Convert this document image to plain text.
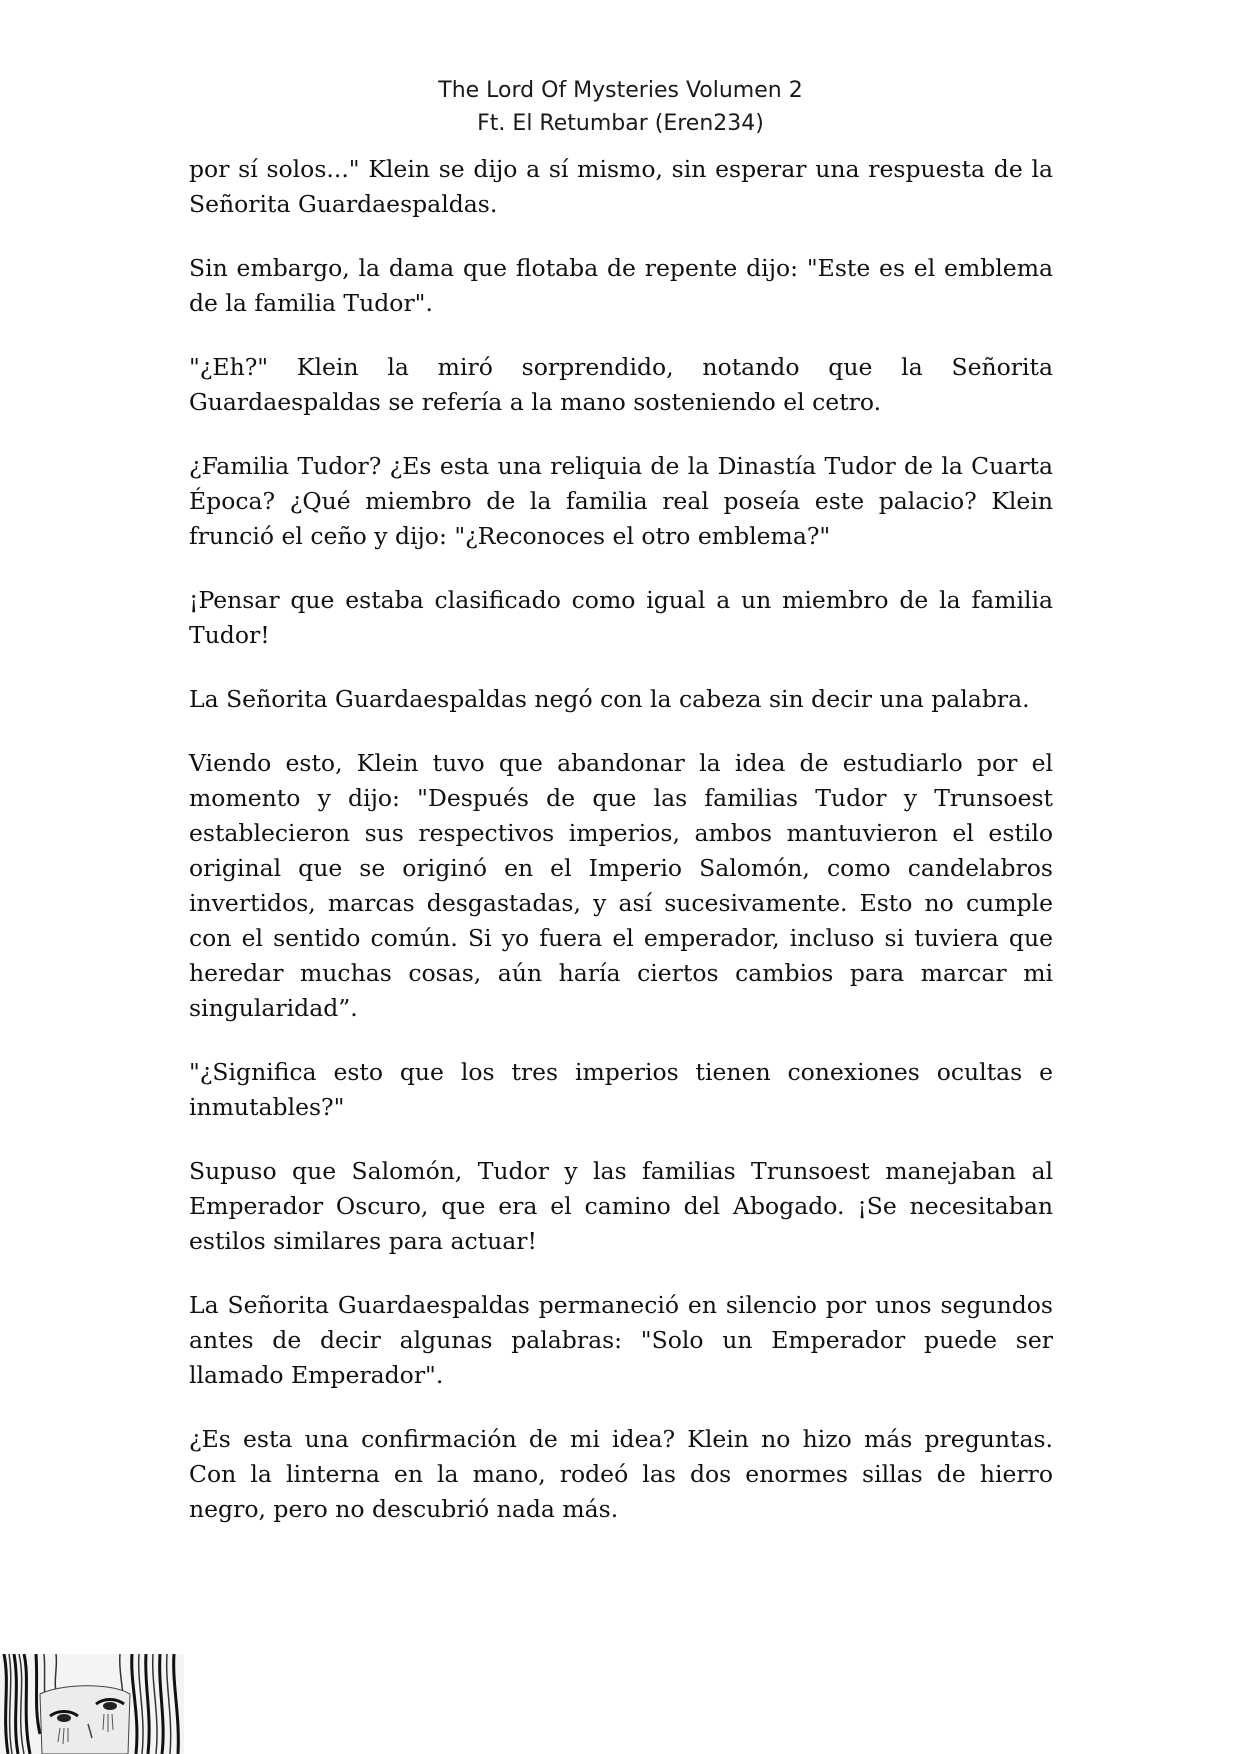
The Lord Of Mysteries Volumen 2
Ft. El Retumbar (Eren234)

por sí solos..." Klein se dijo a sí mismo, sin esperar una respuesta de la Señorita Guardaespaldas.

Sin embargo, la dama que flotaba de repente dijo: "Este es el emblema de la familia Tudor".

"¿Eh?" Klein la miró sorprendido, notando que la Señorita Guardaespaldas se refería a la mano sosteniendo el cetro.

¿Familia Tudor? ¿Es esta una reliquia de la Dinastía Tudor de la Cuarta Época? ¿Qué miembro de la familia real poseía este palacio? Klein frunció el ceño y dijo: "¿Reconoces el otro emblema?"

¡Pensar que estaba clasificado como igual a un miembro de la familia Tudor!

La Señorita Guardaespaldas negó con la cabeza sin decir una palabra.

Viendo esto, Klein tuvo que abandonar la idea de estudiarlo por el momento y dijo: "Después de que las familias Tudor y Trunsoest establecieron sus respectivos imperios, ambos mantuvieron el estilo original que se originó en el Imperio Salomón, como candelabros invertidos, marcas desgastadas, y así sucesivamente. Esto no cumple con el sentido común. Si yo fuera el emperador, incluso si tuviera que heredar muchas cosas, aún haría ciertos cambios para marcar mi singularidad”.

"¿Significa esto que los tres imperios tienen conexiones ocultas e inmutables?"

Supuso que Salomón, Tudor y las familias Trunsoest manejaban al Emperador Oscuro, que era el camino del Abogado. ¡Se necesitaban estilos similares para actuar!

La Señorita Guardaespaldas permaneció en silencio por unos segundos antes de decir algunas palabras: "Solo un Emperador puede ser llamado Emperador".

¿Es esta una confirmación de mi idea? Klein no hizo más preguntas. Con la linterna en la mano, rodeó las dos enormes sillas de hierro negro, pero no descubrió nada más.
